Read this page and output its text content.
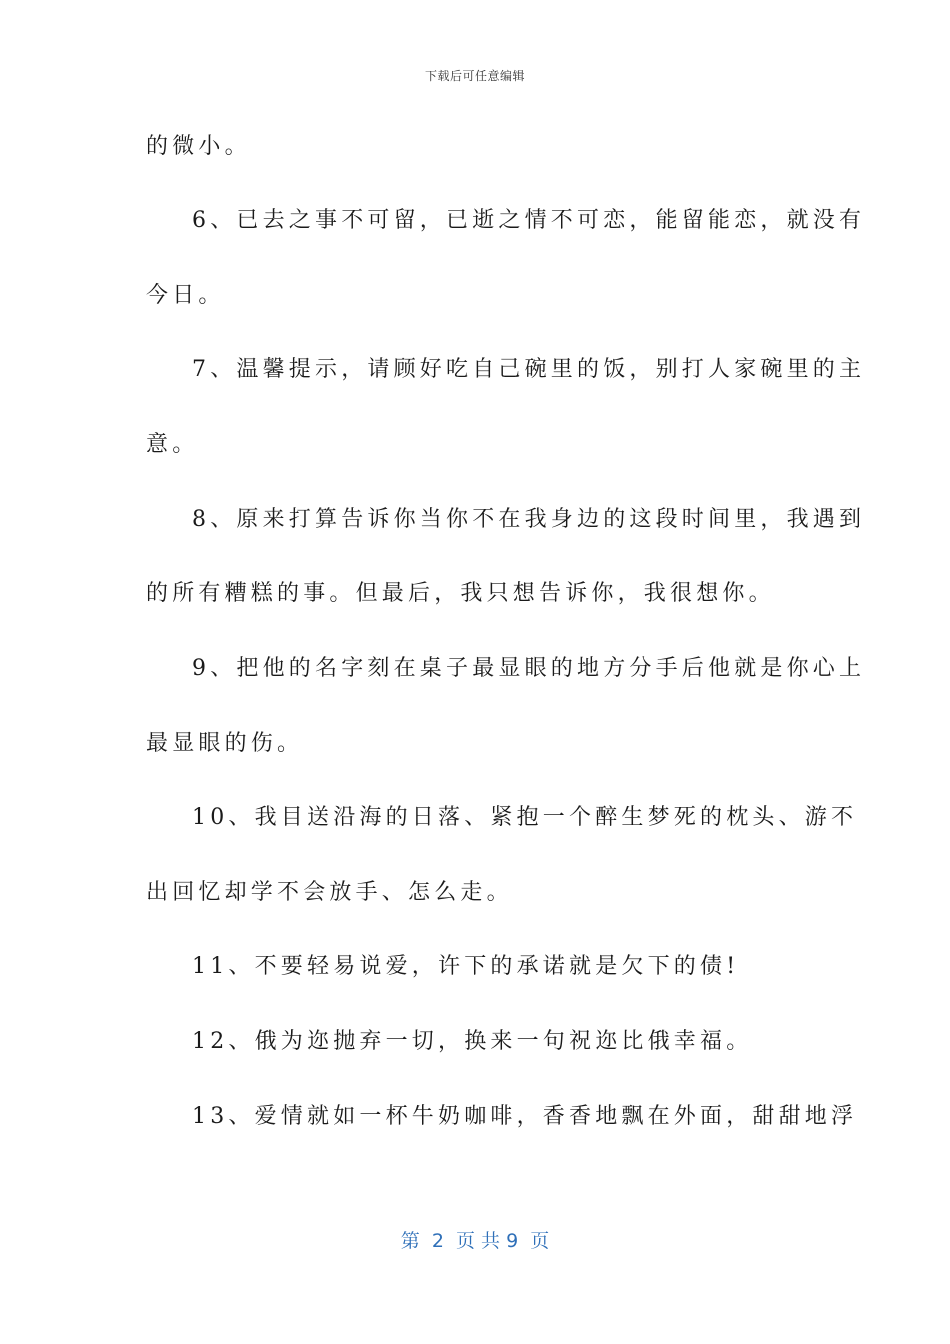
下载后可任意编辑
的微小。
6、已去之事不可留，已逝之情不可恋，能留能恋，就没有
今日。
7、温馨提示，请顾好吃自己碗里的饭，别打人家碗里的主
意。
8、原来打算告诉你当你不在我身边的这段时间里，我遇到
的所有糟糕的事。但最后，我只想告诉你，我很想你。
9、把他的名字刻在桌子最显眼的地方分手后他就是你心上
最显眼的伤。
10、我目送沿海的日落、紧抱一个醉生梦死的枕头、游不
出回忆却学不会放手、怎么走。
11、不要轻易说爱，许下的承诺就是欠下的债!
12、俄为迩抛弃一切，换来一句祝迩比俄幸福。
13、爱情就如一杯牛奶咖啡，香香地飘在外面，甜甜地浮
第  2  页 共 9  页
